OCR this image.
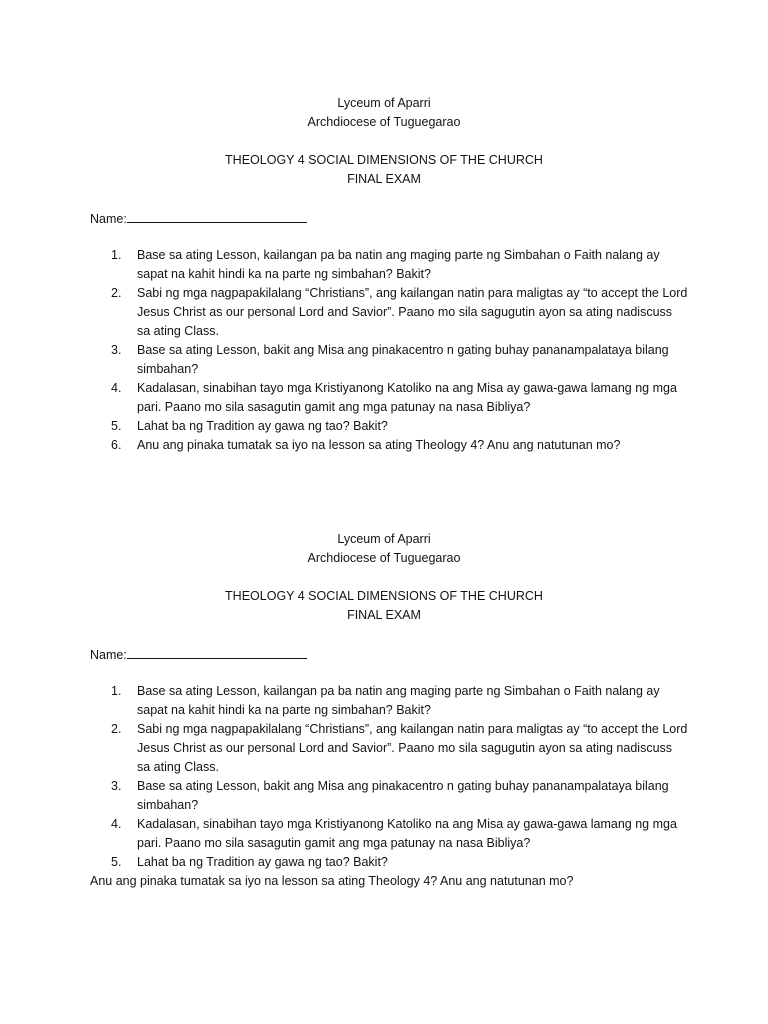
Lyceum of Aparri
Archdiocese of Tuguegarao
THEOLOGY 4 SOCIAL DIMENSIONS OF THE CHURCH
FINAL EXAM
Name:
1.	Base sa ating Lesson, kailangan pa ba natin ang maging parte ng Simbahan o Faith nalang ay sapat na kahit hindi ka na parte ng simbahan? Bakit?
2.	Sabi ng mga nagpapakilalang “Christians”, ang kailangan natin para maligtas ay “to accept the Lord Jesus Christ as our personal Lord and Savior”. Paano mo sila sagugutin ayon sa ating nadiscuss sa ating Class.
3.	Base sa ating Lesson, bakit ang Misa ang pinakacentro n gating buhay pananampalataya bilang simbahan?
4.	Kadalasan, sinabihan tayo mga Kristiyanong Katoliko na ang Misa ay gawa-gawa lamang ng mga pari. Paano mo sila sasagutin gamit ang mga patunay na nasa Bibliya?
5.	Lahat ba ng Tradition ay gawa ng tao? Bakit?
6.	Anu ang pinaka tumatak sa iyo na lesson sa ating Theology 4? Anu ang natutunan mo?
Lyceum of Aparri
Archdiocese of Tuguegarao
THEOLOGY 4 SOCIAL DIMENSIONS OF THE CHURCH
FINAL EXAM
Name:
1.	Base sa ating Lesson, kailangan pa ba natin ang maging parte ng Simbahan o Faith nalang ay sapat na kahit hindi ka na parte ng simbahan? Bakit?
2.	Sabi ng mga nagpapakilalang “Christians”, ang kailangan natin para maligtas ay “to accept the Lord Jesus Christ as our personal Lord and Savior”. Paano mo sila sagugutin ayon sa ating nadiscuss sa ating Class.
3.	Base sa ating Lesson, bakit ang Misa ang pinakacentro n gating buhay pananampalataya bilang simbahan?
4.	Kadalasan, sinabihan tayo mga Kristiyanong Katoliko na ang Misa ay gawa-gawa lamang ng mga pari. Paano mo sila sasagutin gamit ang mga patunay na nasa Bibliya?
5.	Lahat ba ng Tradition ay gawa ng tao? Bakit?
Anu ang pinaka tumatak sa iyo na lesson sa ating Theology 4? Anu ang natutunan mo?
